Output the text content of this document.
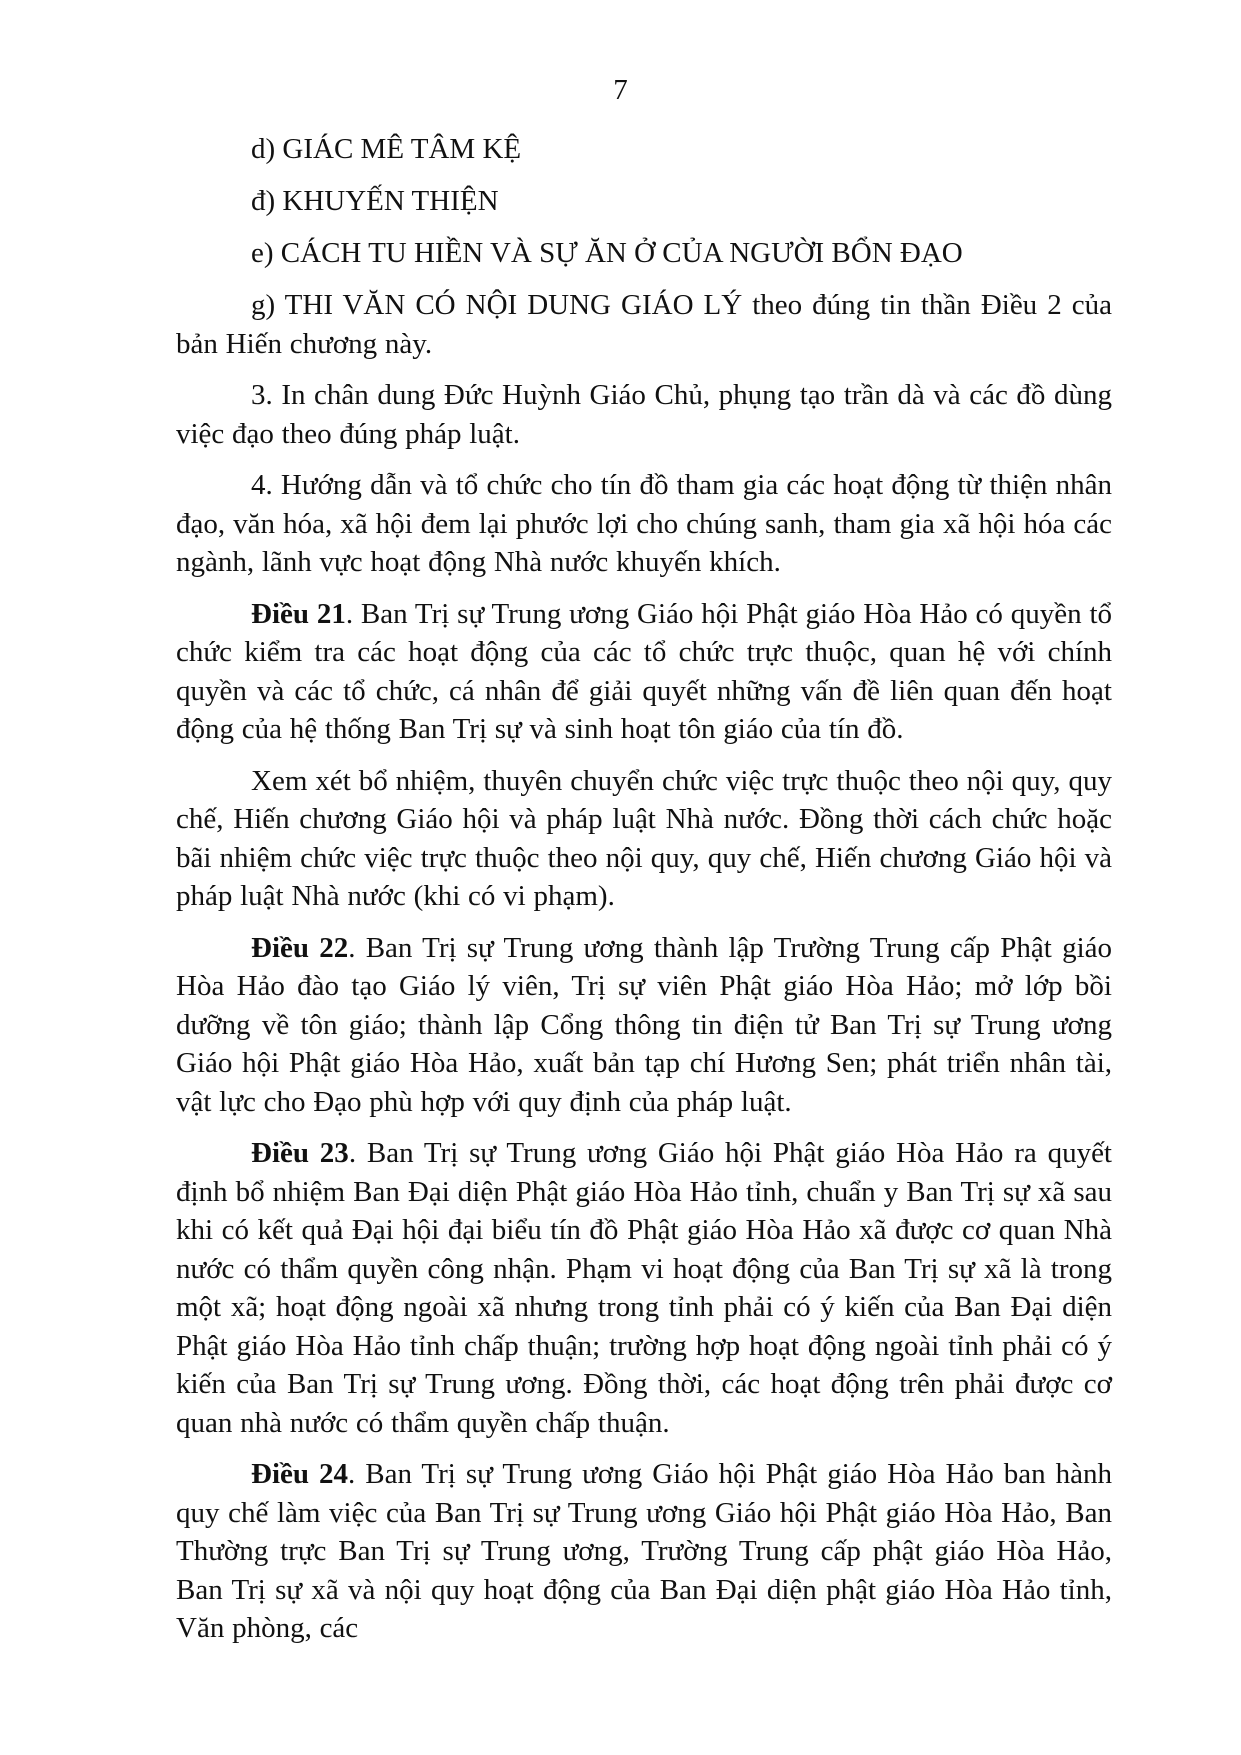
7

d) GIÁC MÊ TÂM KỆ

đ) KHUYẾN THIỆN

e) CÁCH TU HIỀN VÀ SỰ ĂN Ở CỦA NGƯỜI BỔN ĐẠO

g) THI VĂN CÓ NỘI DUNG GIÁO LÝ theo đúng tin thần Điều 2 của bản Hiến chương này.

3. In chân dung Đức Huỳnh Giáo Chủ, phụng tạo trần dà và các đồ dùng việc đạo theo đúng pháp luật.

4. Hướng dẫn và tổ chức cho tín đồ tham gia các hoạt động từ thiện nhân đạo, văn hóa, xã hội đem lại phước lợi cho chúng sanh, tham gia xã hội hóa các ngành, lãnh vực hoạt động Nhà nước khuyến khích.

Điều 21. Ban Trị sự Trung ương Giáo hội Phật giáo Hòa Hảo có quyền tổ chức kiểm tra các hoạt động của các tổ chức trực thuộc, quan hệ với chính quyền và các tổ chức, cá nhân để giải quyết những vấn đề liên quan đến hoạt động của hệ thống Ban Trị sự và sinh hoạt tôn giáo của tín đồ.

Xem xét bổ nhiệm, thuyên chuyển chức việc trực thuộc theo nội quy, quy chế, Hiến chương Giáo hội và pháp luật Nhà nước. Đồng thời cách chức hoặc bãi nhiệm chức việc trực thuộc theo nội quy, quy chế, Hiến chương Giáo hội và pháp luật Nhà nước (khi có vi phạm).

Điều 22. Ban Trị sự Trung ương thành lập Trường Trung cấp Phật giáo Hòa Hảo đào tạo Giáo lý viên, Trị sự viên Phật giáo Hòa Hảo; mở lớp bồi dưỡng về tôn giáo; thành lập Cổng thông tin điện tử Ban Trị sự Trung ương Giáo hội Phật giáo Hòa Hảo, xuất bản tạp chí Hương Sen; phát triển nhân tài, vật lực cho Đạo phù hợp với quy định của pháp luật.

Điều 23. Ban Trị sự Trung ương Giáo hội Phật giáo Hòa Hảo ra quyết định bổ nhiệm Ban Đại diện Phật giáo Hòa Hảo tỉnh, chuẩn y Ban Trị sự xã sau khi có kết quả Đại hội đại biểu tín đồ Phật giáo Hòa Hảo xã được cơ quan Nhà nước có thẩm quyền công nhận. Phạm vi hoạt động của Ban Trị sự xã là trong một xã; hoạt động ngoài xã nhưng trong tỉnh phải có ý kiến của Ban Đại diện Phật giáo Hòa Hảo tỉnh chấp thuận; trường hợp hoạt động ngoài tỉnh phải có ý kiến của Ban Trị sự Trung ương. Đồng thời, các hoạt động trên phải được cơ quan nhà nước có thẩm quyền chấp thuận.

Điều 24. Ban Trị sự Trung ương Giáo hội Phật giáo Hòa Hảo ban hành quy chế làm việc của Ban Trị sự Trung ương Giáo hội Phật giáo Hòa Hảo, Ban Thường trực Ban Trị sự Trung ương, Trường Trung cấp phật giáo Hòa Hảo, Ban Trị sự xã và nội quy hoạt động của Ban Đại diện phật giáo Hòa Hảo tỉnh, Văn phòng, các
